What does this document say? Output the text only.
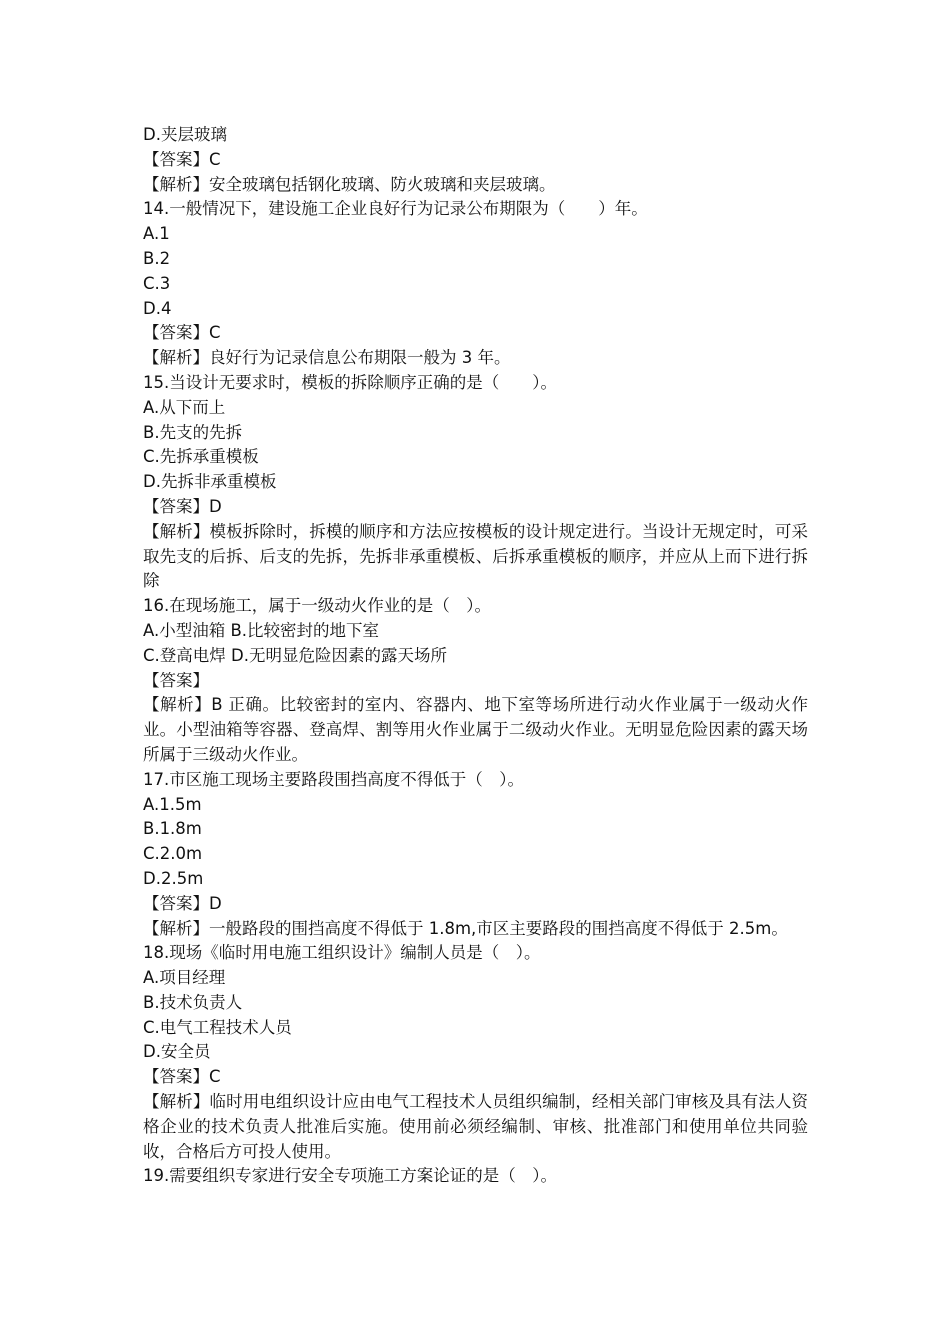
D.夹层玻璃
【答案】C
【解析】安全玻璃包括钢化玻璃、防火玻璃和夹层玻璃。
14.一般情况下，建设施工企业良好行为记录公布期限为（　　）年。
A.1
B.2
C.3
D.4
【答案】C
【解析】良好行为记录信息公布期限一般为 3 年。
15.当设计无要求时，模板的拆除顺序正确的是（　　）。
A.从下而上
B.先支的先拆
C.先拆承重模板
D.先拆非承重模板
【答案】D
【解析】模板拆除时，拆模的顺序和方法应按模板的设计规定进行。当设计无规定时，可采取先支的后拆、后支的先拆，先拆非承重模板、后拆承重模板的顺序，并应从上而下进行拆除
16.在现场施工，属于一级动火作业的是（　）。
A.小型油箱 B.比较密封的地下室
C.登高电焊 D.无明显危险因素的露天场所
【答案】
【解析】B 正确。比较密封的室内、容器内、地下室等场所进行动火作业属于一级动火作业。小型油箱等容器、登高焊、割等用火作业属于二级动火作业。无明显危险因素的露天场所属于三级动火作业。
17.市区施工现场主要路段围挡高度不得低于（　）。
A.1.5m
B.1.8m
C.2.0m
D.2.5m
【答案】D
【解析】一般路段的围挡高度不得低于 1.8m,市区主要路段的围挡高度不得低于 2.5m。
18.现场《临时用电施工组织设计》编制人员是（　）。
A.项目经理
B.技术负责人
C.电气工程技术人员
D.安全员
【答案】C
【解析】临时用电组织设计应由电气工程技术人员组织编制，经相关部门审核及具有法人资格企业的技术负责人批准后实施。使用前必须经编制、审核、批准部门和使用单位共同验收，合格后方可投人使用。
19.需要组织专家进行安全专项施工方案论证的是（　）。
